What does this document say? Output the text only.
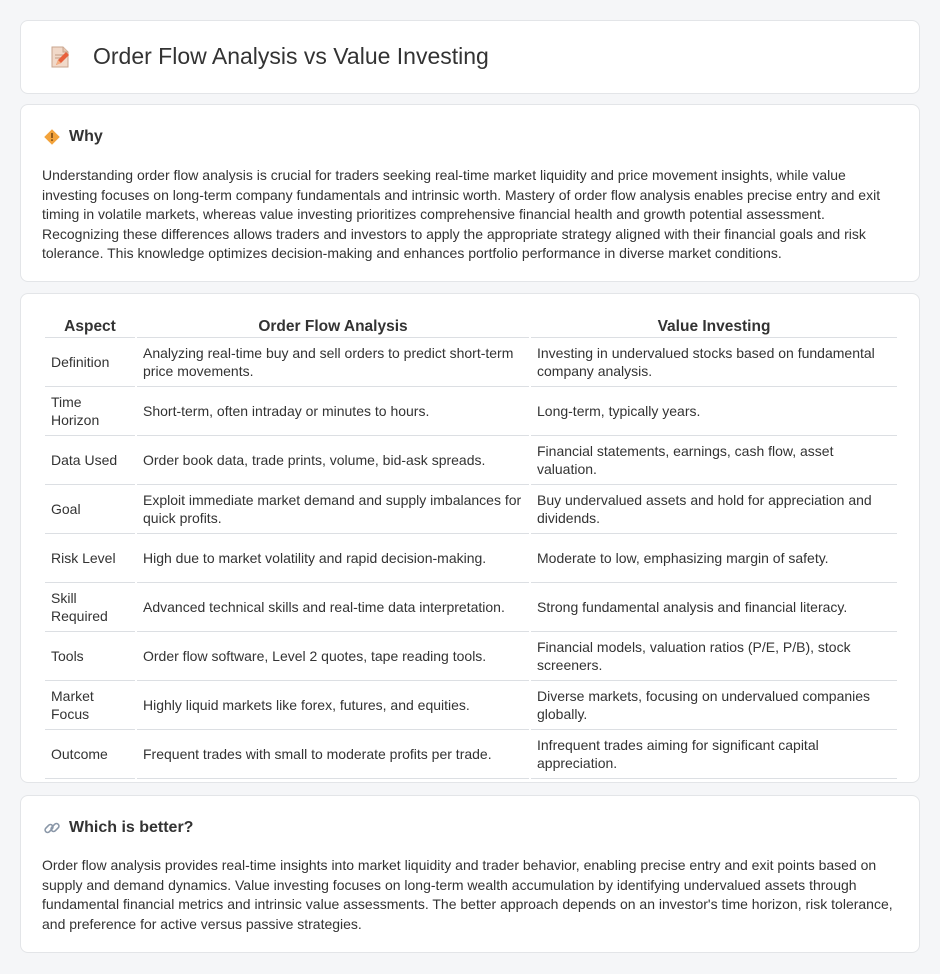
Order Flow Analysis vs Value Investing
Why

Understanding order flow analysis is crucial for traders seeking real-time market liquidity and price movement insights, while value investing focuses on long-term company fundamentals and intrinsic worth. Mastery of order flow analysis enables precise entry and exit timing in volatile markets, whereas value investing prioritizes comprehensive financial health and growth potential assessment. Recognizing these differences allows traders and investors to apply the appropriate strategy aligned with their financial goals and risk tolerance. This knowledge optimizes decision-making and enhances portfolio performance in diverse market conditions.

Aspect	Order Flow Analysis	Value Investing
Definition	Analyzing real-time buy and sell orders to predict short-term price movements.	Investing in undervalued stocks based on fundamental company analysis.
Time Horizon	Short-term, often intraday or minutes to hours.	Long-term, typically years.
Data Used	Order book data, trade prints, volume, bid-ask spreads.	Financial statements, earnings, cash flow, asset valuation.
Goal	Exploit immediate market demand and supply imbalances for quick profits.	Buy undervalued assets and hold for appreciation and dividends.
Risk Level	High due to market volatility and rapid decision-making.	Moderate to low, emphasizing margin of safety.
Skill Required	Advanced technical skills and real-time data interpretation.	Strong fundamental analysis and financial literacy.
Tools	Order flow software, Level 2 quotes, tape reading tools.	Financial models, valuation ratios (P/E, P/B), stock screeners.
Market Focus	Highly liquid markets like forex, futures, and equities.	Diverse markets, focusing on undervalued companies globally.
Outcome	Frequent trades with small to moderate profits per trade.	Infrequent trades aiming for significant capital appreciation.
Which is better?

Order flow analysis provides real-time insights into market liquidity and trader behavior, enabling precise entry and exit points based on supply and demand dynamics. Value investing focuses on long-term wealth accumulation by identifying undervalued assets through fundamental financial metrics and intrinsic value assessments. The better approach depends on an investor's time horizon, risk tolerance, and preference for active versus passive strategies.
